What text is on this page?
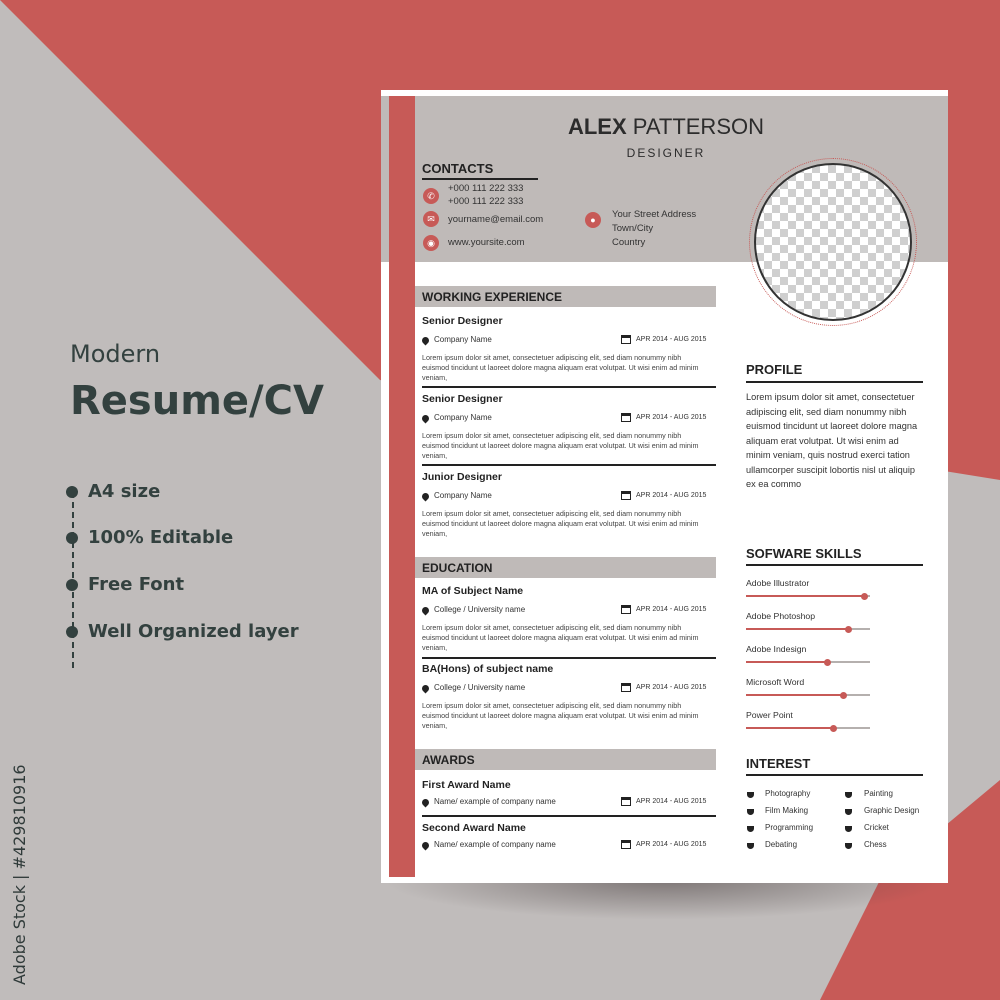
Modern
Resume/CV
A4 size
100% Editable
Free Font
Well Organized layer
Adobe Stock | #429810916
ALEX PATTERSON
DESIGNER
CONTACTS
✆
+000 111 222 333
+000 111 222 333
✉	yourname@email.com
◉	www.yoursite.com
●	Your Street Address
Town/City
Country
WORKING EXPERIENCE
Senior Designer
Company Name	APR 2014 - AUG 2015
Lorem ipsum dolor sit amet, consectetuer adipiscing elit, sed diam nonummy nibh euismod tincidunt ut laoreet dolore magna aliquam erat volutpat. Ut wisi enim ad minim veniam,
Senior Designer
Company Name	APR 2014 - AUG 2015
Lorem ipsum dolor sit amet, consectetuer adipiscing elit, sed diam nonummy nibh euismod tincidunt ut laoreet dolore magna aliquam erat volutpat. Ut wisi enim ad minim veniam,
Junior Designer
Company Name	APR 2014 - AUG 2015
Lorem ipsum dolor sit amet, consectetuer adipiscing elit, sed diam nonummy nibh euismod tincidunt ut laoreet dolore magna aliquam erat volutpat. Ut wisi enim ad minim veniam,
EDUCATION
MA of Subject Name
College / University name	APR 2014 - AUG 2015
Lorem ipsum dolor sit amet, consectetuer adipiscing elit, sed diam nonummy nibh euismod tincidunt ut laoreet dolore magna aliquam erat volutpat. Ut wisi enim ad minim veniam,
BA(Hons) of subject name
College / University name	APR 2014 - AUG 2015
Lorem ipsum dolor sit amet, consectetuer adipiscing elit, sed diam nonummy nibh euismod tincidunt ut laoreet dolore magna aliquam erat volutpat. Ut wisi enim ad minim veniam,
AWARDS
First Award Name
Name/ example of company name	APR 2014 - AUG 2015
Second Award Name
Name/ example of company name	APR 2014 - AUG 2015
PROFILE
Lorem ipsum dolor sit amet, consectetuer adipiscing elit, sed diam nonummy nibh euismod tincidunt ut laoreet dolore magna aliquam erat volutpat. Ut wisi enim ad minim veniam, quis nostrud exerci tation ullamcorper suscipit lobortis nisl ut aliquip ex ea commo
SOFWARE SKILLS
Adobe Illustrator
Adobe Photoshop
Adobe Indesign
Microsoft Word
Power Point
INTEREST
Photography	Painting
Film Making	Graphic Design
Programming	Cricket
Debating	Chess
